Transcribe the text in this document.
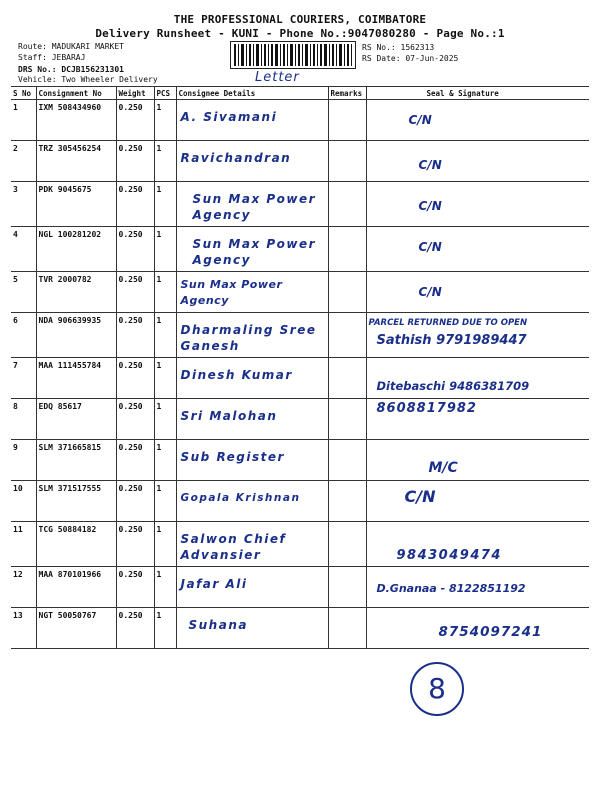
THE PROFESSIONAL COURIERS, COIMBATORE
Delivery Runsheet - KUNI - Phone No.:9047080280 - Page No.:1
Route: MADUKARI MARKET
Staff: JEBARAJ
DRS No.: DCJB156231301
Vehicle: Two Wheeler Delivery
RS No.: 1562313
RS Date: 07-Jun-2025
Letter
S No	Consignment No	Weight	PCS	Consignee Details	Remarks	Seal & Signature
1	IXM 508434960	0.250	1	A. Sivamani		C/N

2	TRZ 305456254	0.250	1	Ravichandran		C/N

3	PDK 9045675	0.250	1	Sun Max Power Agency		C/N

4	NGL 100281202	0.250	1	Sun Max Power Agency		C/N

5	TVR 2000782	0.250	1	Sun Max Power Agency		C/N

6	NDA 906639935	0.250	1	Dharmaling Sree Ganesh		PARCEL RETURNED DUE TO OPEN
Sathish 9791989447

7	MAA 111455784	0.250	1	Dinesh Kumar		Ditebaschi 9486381709

8	EDQ 85617	0.250	1	Sri Malohan		8608817982

9	SLM 371665815	0.250	1	Sub Register		M/C

10	SLM 371517555	0.250	1	Gopala Krishnan		C/N

11	TCG 50884182	0.250	1	Salwon Chief Advansier		9843049474

12	MAA 870101966	0.250	1	Jafar Ali		D.Gnanaa - 8122851192

13	NGT 50050767	0.250	1	Suhana		8754097241
8
